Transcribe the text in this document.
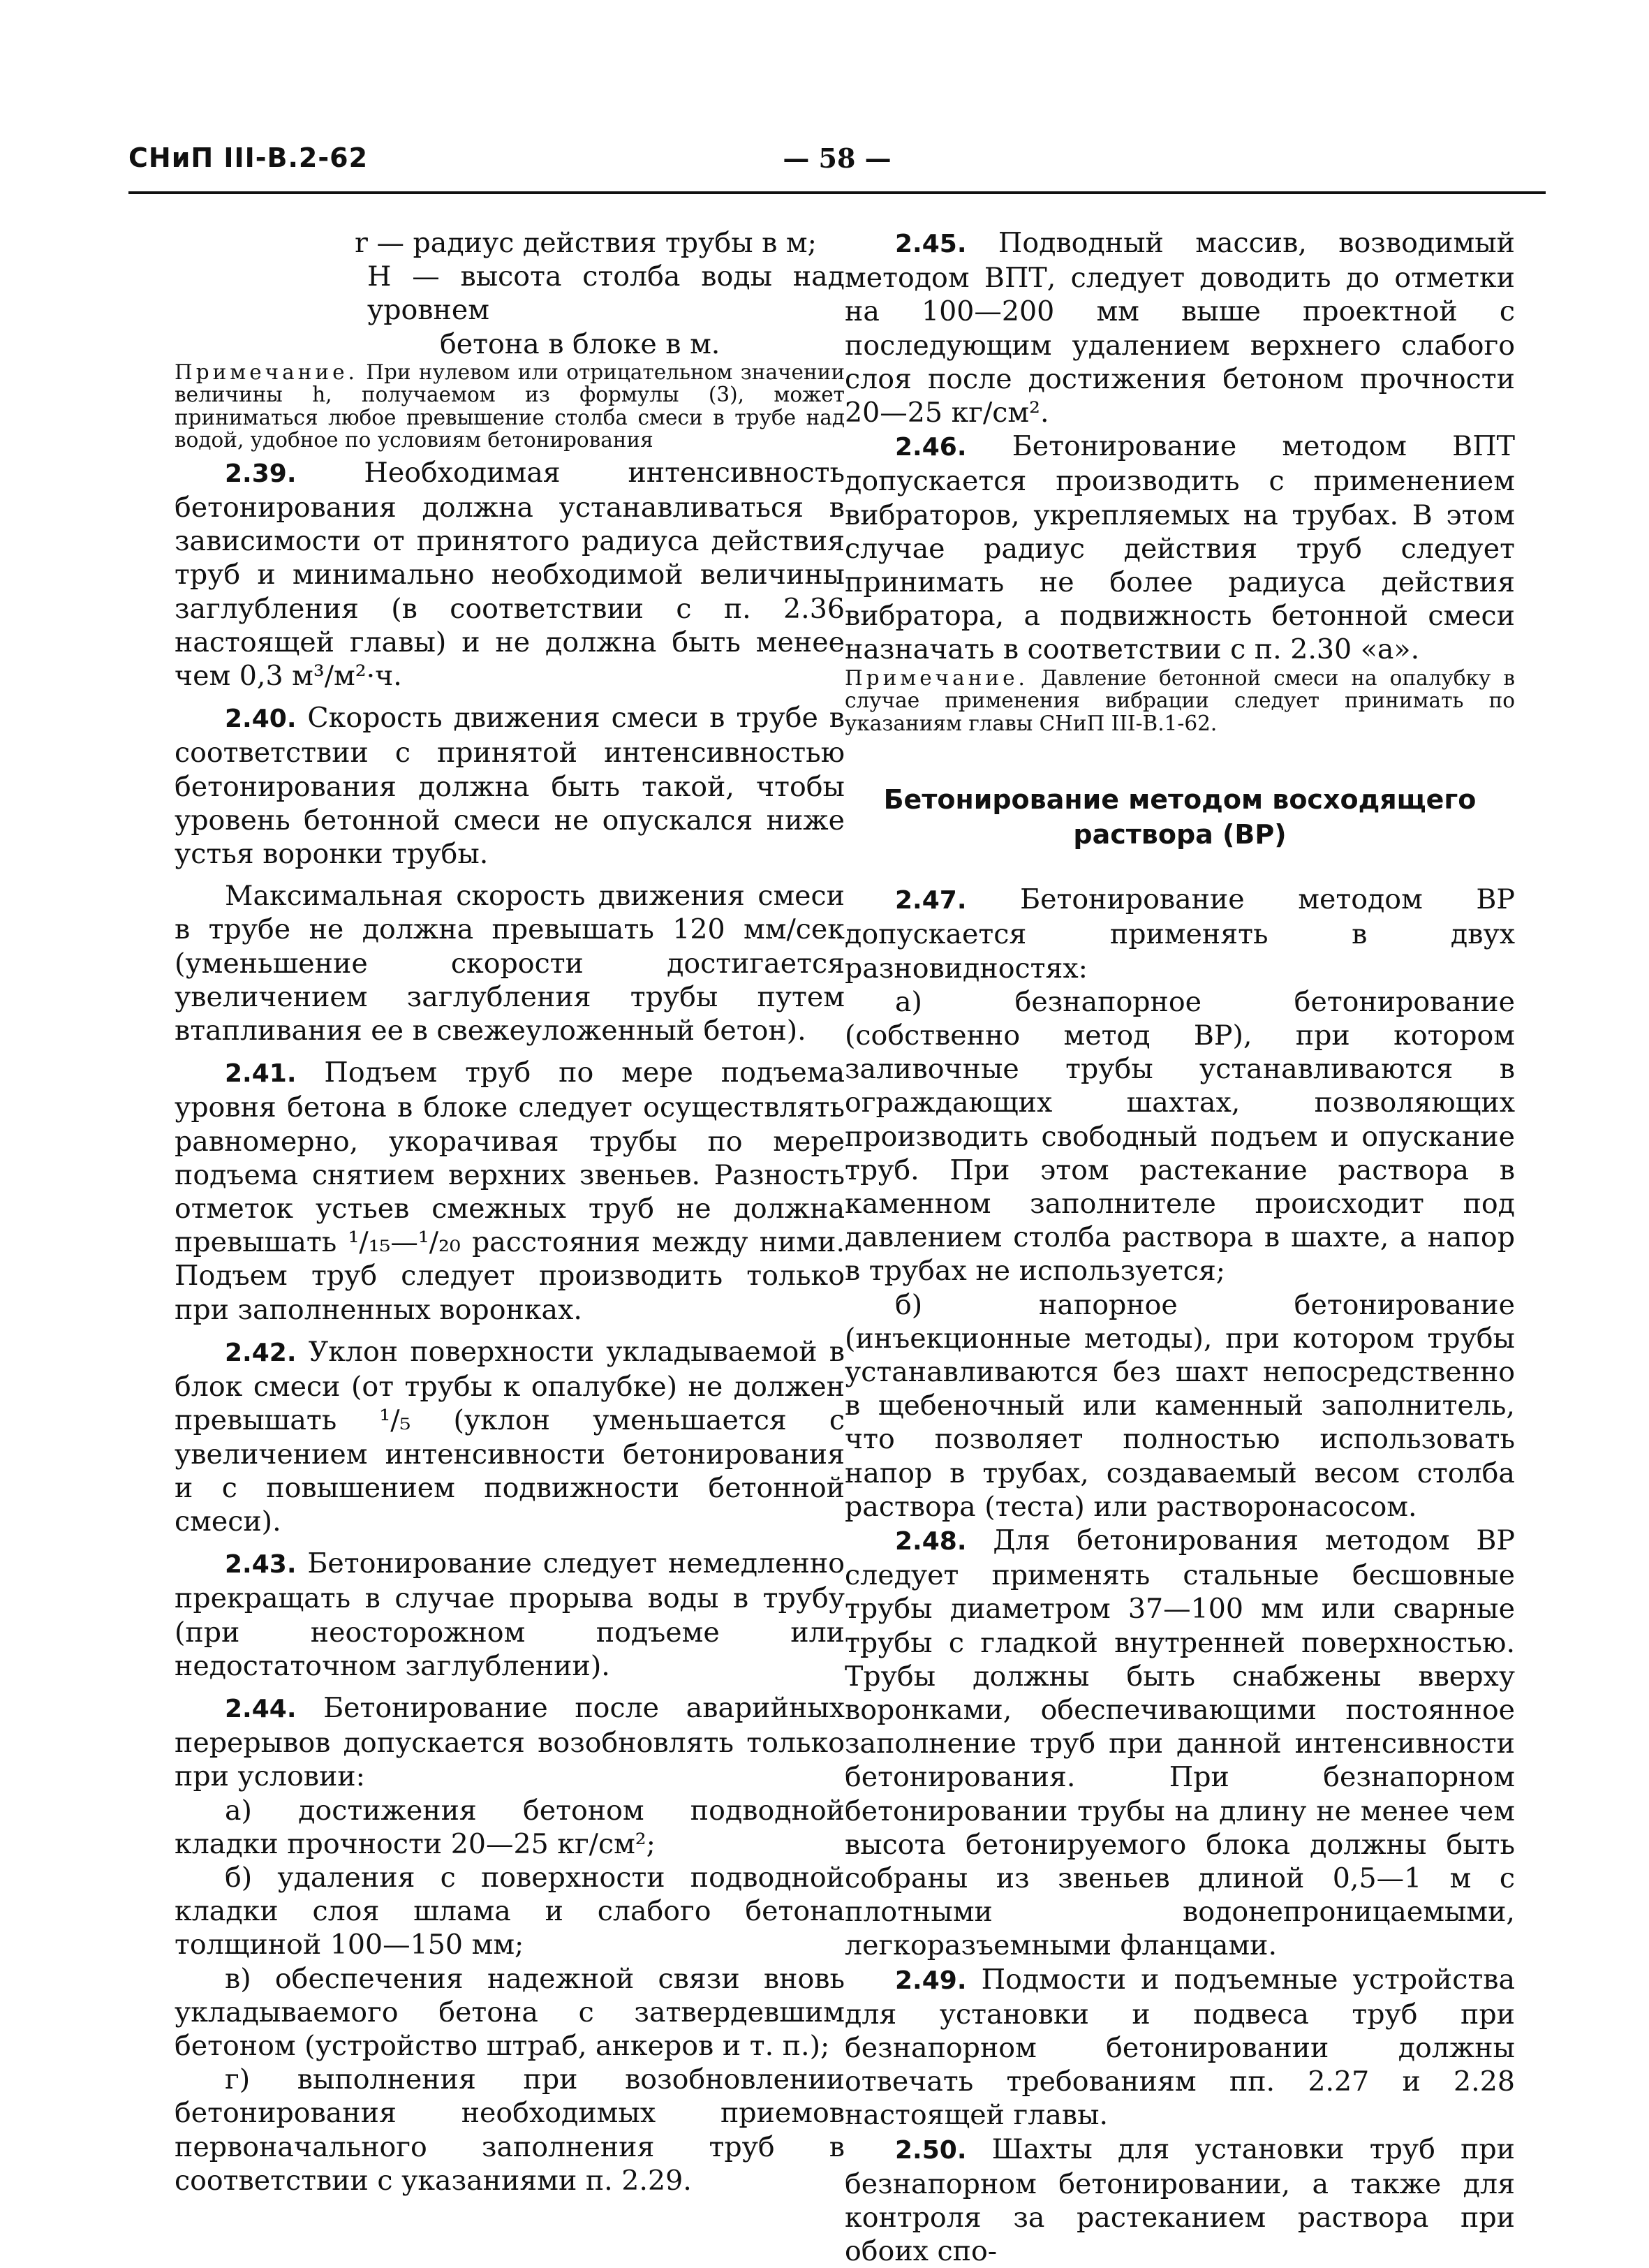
СНиП III-В.2-62	— 58 —

r — радиус действия трубы в м;

Н — высота столба воды над уровнем

бетона в блоке в м.

Примечание. При нулевом или отрицательном значении величины h, получаемом из формулы (3), может приниматься любое превышение столба смеси в трубе над водой, удобное по условиям бетонирования

2.39. Необходимая интенсивность бетонирования должна устанавливаться в зависимости от принятого радиуса действия труб и минимально необходимой величины заглубления (в соответствии с п. 2.36 настоящей главы) и не должна быть менее чем 0,3 м³/м²·ч.

2.40. Скорость движения смеси в трубе в соответствии с принятой интенсивностью бетонирования должна быть такой, чтобы уровень бетонной смеси не опускался ниже устья воронки трубы.

Максимальная скорость движения смеси в трубе не должна превышать 120 мм/сек (уменьшение скорости достигается увеличением заглубления трубы путем втапливания ее в свежеуложенный бетон).

2.41. Подъем труб по мере подъема уровня бетона в блоке следует осуществлять равномерно, укорачивая трубы по мере подъема снятием верхних звеньев. Разность отметок устьев смежных труб не должна превышать ¹/₁₅—¹/₂₀ расстояния между ними. Подъем труб следует производить только при заполненных воронках.

2.42. Уклон поверхности укладываемой в блок смеси (от трубы к опалубке) не должен превышать ¹/₅ (уклон уменьшается с увеличением интенсивности бетонирования и с повышением подвижности бетонной смеси).

2.43. Бетонирование следует немедленно прекращать в случае прорыва воды в трубу (при неосторожном подъеме или недостаточном заглублении).

2.44. Бетонирование после аварийных перерывов допускается возобновлять только при условии:

а) достижения бетоном подводной кладки прочности 20—25 кг/см²;

б) удаления с поверхности подводной кладки слоя шлама и слабого бетона толщиной 100—150 мм;

в) обеспечения надежной связи вновь укладываемого бетона с затвердевшим бетоном (устройство штраб, анкеров и т. п.);

г) выполнения при возобновлении бетонирования необходимых приемов первоначального заполнения труб в соответствии с указаниями п. 2.29.

2.45. Подводный массив, возводимый методом ВПТ, следует доводить до отметки на 100—200 мм выше проектной с последующим удалением верхнего слабого слоя после достижения бетоном прочности 20—25 кг/см².

2.46. Бетонирование методом ВПТ допускается производить с применением вибраторов, укрепляемых на трубах. В этом случае радиус действия труб следует принимать не более радиуса действия вибратора, а подвижность бетонной смеси назначать в соответствии с п. 2.30 «а».

Примечание. Давление бетонной смеси на опалубку в случае применения вибрации следует принимать по указаниям главы СНиП III-В.1-62.

Бетонирование методом восходящего раствора (ВР)

2.47. Бетонирование методом ВР допускается применять в двух разновидностях:

а) безнапорное бетонирование (собственно метод ВР), при котором заливочные трубы устанавливаются в ограждающих шахтах, позволяющих производить свободный подъем и опускание труб. При этом растекание раствора в каменном заполнителе происходит под давлением столба раствора в шахте, а напор в трубах не используется;

б) напорное бетонирование (инъекционные методы), при котором трубы устанавливаются без шахт непосредственно в щебеночный или каменный заполнитель, что позволяет полностью использовать напор в трубах, создаваемый весом столба раствора (теста) или растворонасосом.

2.48. Для бетонирования методом ВР следует применять стальные бесшовные трубы диаметром 37—100 мм или сварные трубы с гладкой внутренней поверхностью. Трубы должны быть снабжены вверху воронками, обеспечивающими постоянное заполнение труб при данной интенсивности бетонирования. При безнапорном бетонировании трубы на длину не менее чем высота бетонируемого блока должны быть собраны из звеньев длиной 0,5—1 м с плотными водонепроницаемыми, легкоразъемными фланцами.

2.49. Подмости и подъемные устройства для установки и подвеса труб при безнапорном бетонировании должны отвечать требованиям пп. 2.27 и 2.28 настоящей главы.

2.50. Шахты для установки труб при безнапорном бетонировании, а также для контроля за растеканием раствора при обоих спо-
